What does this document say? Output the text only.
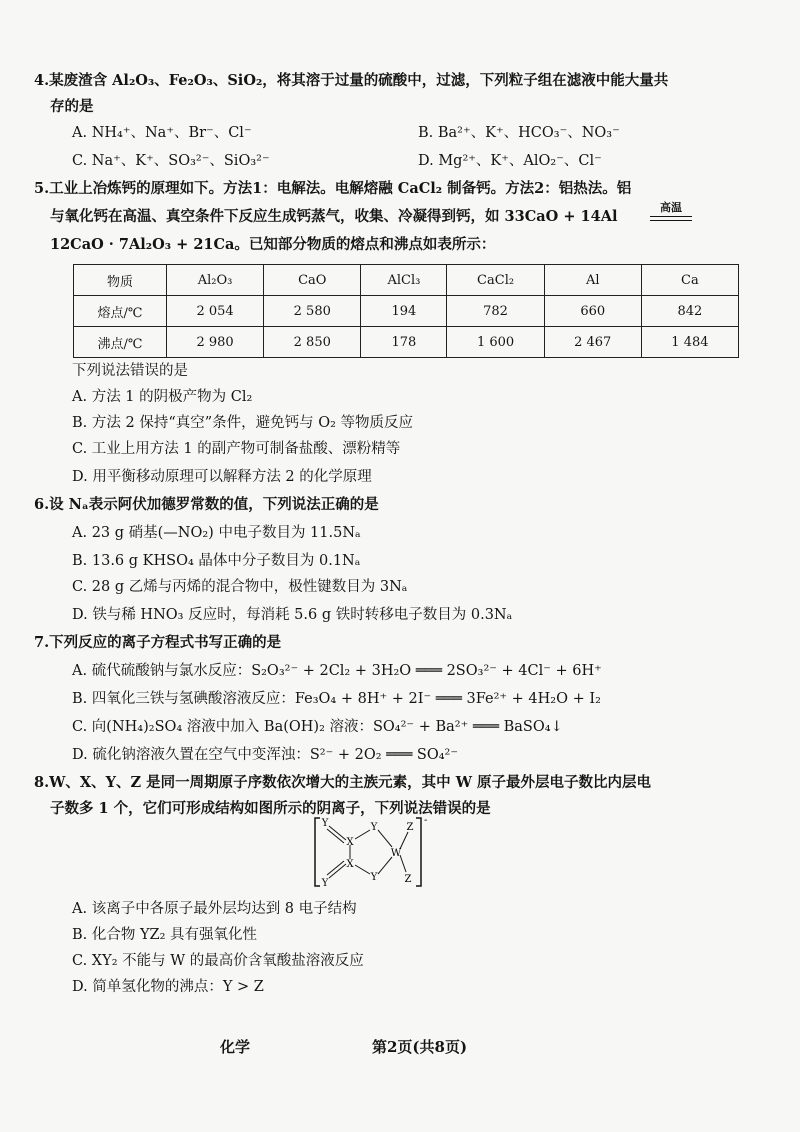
4.某废渣含 Al₂O₃、Fe₂O₃、SiO₂，将其溶于过量的硫酸中，过滤，下列粒子组在滤液中能大量共
存的是
A. NH₄⁺、Na⁺、Br⁻、Cl⁻	B. Ba²⁺、K⁺、HCO₃⁻、NO₃⁻
C. Na⁺、K⁺、SO₃²⁻、SiO₃²⁻	D. Mg²⁺、K⁺、AlO₂⁻、Cl⁻
5.工业上冶炼钙的原理如下。方法1：电解法。电解熔融 CaCl₂ 制备钙。方法2：铝热法。铝
与氧化钙在高温、真空条件下反应生成钙蒸气，收集、冷凝得到钙，如 33CaO + 14Al
高温
12CaO · 7Al₂O₃ + 21Ca。已知部分物质的熔点和沸点如表所示：
物质	Al₂O₃	CaO	AlCl₃	CaCl₂	Al	Ca
熔点/℃	2 054	2 580	194	782	660	842
沸点/℃	2 980	2 850	178	1 600	2 467	1 484
下列说法错误的是
A. 方法 1 的阴极产物为 Cl₂
B. 方法 2 保持“真空”条件，避免钙与 O₂ 等物质反应
C. 工业上用方法 1 的副产物可制备盐酸、漂粉精等
D. 用平衡移动原理可以解释方法 2 的化学原理
6.设 Nₐ表示阿伏加德罗常数的值，下列说法正确的是
A. 23 g 硝基(—NO₂) 中电子数目为 11.5Nₐ
B. 13.6 g KHSO₄ 晶体中分子数目为 0.1Nₐ
C. 28 g 乙烯与丙烯的混合物中，极性键数目为 3Nₐ
D. 铁与稀 HNO₃ 反应时，每消耗 5.6 g 铁时转移电子数目为 0.3Nₐ
7.下列反应的离子方程式书写正确的是
A. 硫代硫酸钠与氯水反应：S₂O₃²⁻ + 2Cl₂ + 3H₂O ═══ 2SO₃²⁻ + 4Cl⁻ + 6H⁺
B. 四氧化三铁与氢碘酸溶液反应：Fe₃O₄ + 8H⁺ + 2I⁻ ═══ 3Fe²⁺ + 4H₂O + I₂
C. 向(NH₄)₂SO₄ 溶液中加入 Ba(OH)₂ 溶液：SO₄²⁻ + Ba²⁺ ═══ BaSO₄↓
D. 硫化钠溶液久置在空气中变浑浊：S²⁻ + 2O₂ ═══ SO₄²⁻
8.W、X、Y、Z 是同一周期原子序数依次增大的主族元素，其中 W 原子最外层电子数比内层电
子数多 1 个，它们可形成结构如图所示的阴离子，下列说法错误的是
-
Y
Y
X
X
Y
Y
W
Z
Z
A. 该离子中各原子最外层均达到 8 电子结构
B. 化合物 YZ₂ 具有强氧化性
C. XY₂ 不能与 W 的最高价含氧酸盐溶液反应
D. 简单氢化物的沸点：Y > Z
化学	第2页(共8页)
